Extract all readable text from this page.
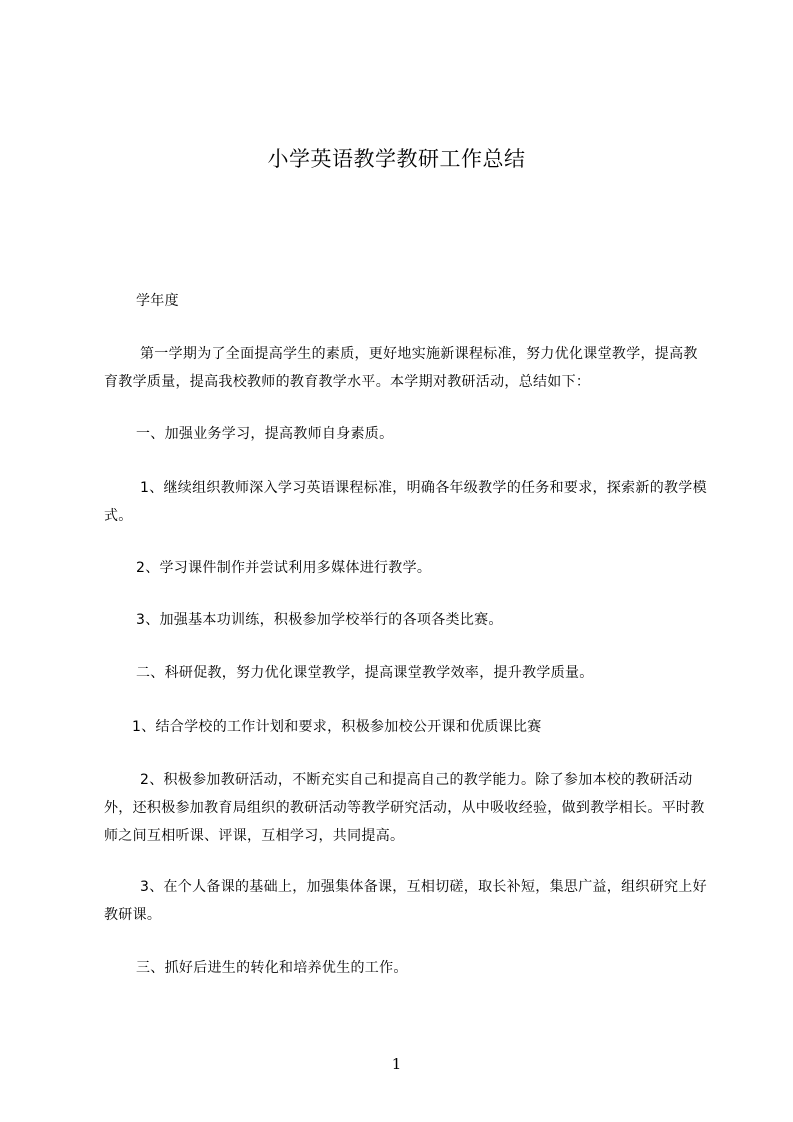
小学英语教学教研工作总结
学年度
第一学期为了全面提高学生的素质，更好地实施新课程标准，努力优化课堂教学，提高教育教学质量，提高我校教师的教育教学水平。本学期对教研活动，总结如下：
一、加强业务学习，提高教师自身素质。
1、继续组织教师深入学习英语课程标准，明确各年级教学的任务和要求，探索新的教学模式。
2、学习课件制作并尝试利用多媒体进行教学。
3、加强基本功训练，积极参加学校举行的各项各类比赛。
二、科研促教，努力优化课堂教学，提高课堂教学效率，提升教学质量。
1、结合学校的工作计划和要求，积极参加校公开课和优质课比赛
2、积极参加教研活动，不断充实自己和提高自己的教学能力。除了参加本校的教研活动外，还积极参加教育局组织的教研活动等教学研究活动，从中吸收经验，做到教学相长。平时教师之间互相听课、评课，互相学习，共同提高。
3、在个人备课的基础上，加强集体备课，互相切磋，取长补短，集思广益，组织研究上好教研课。
三、抓好后进生的转化和培养优生的工作。
1
